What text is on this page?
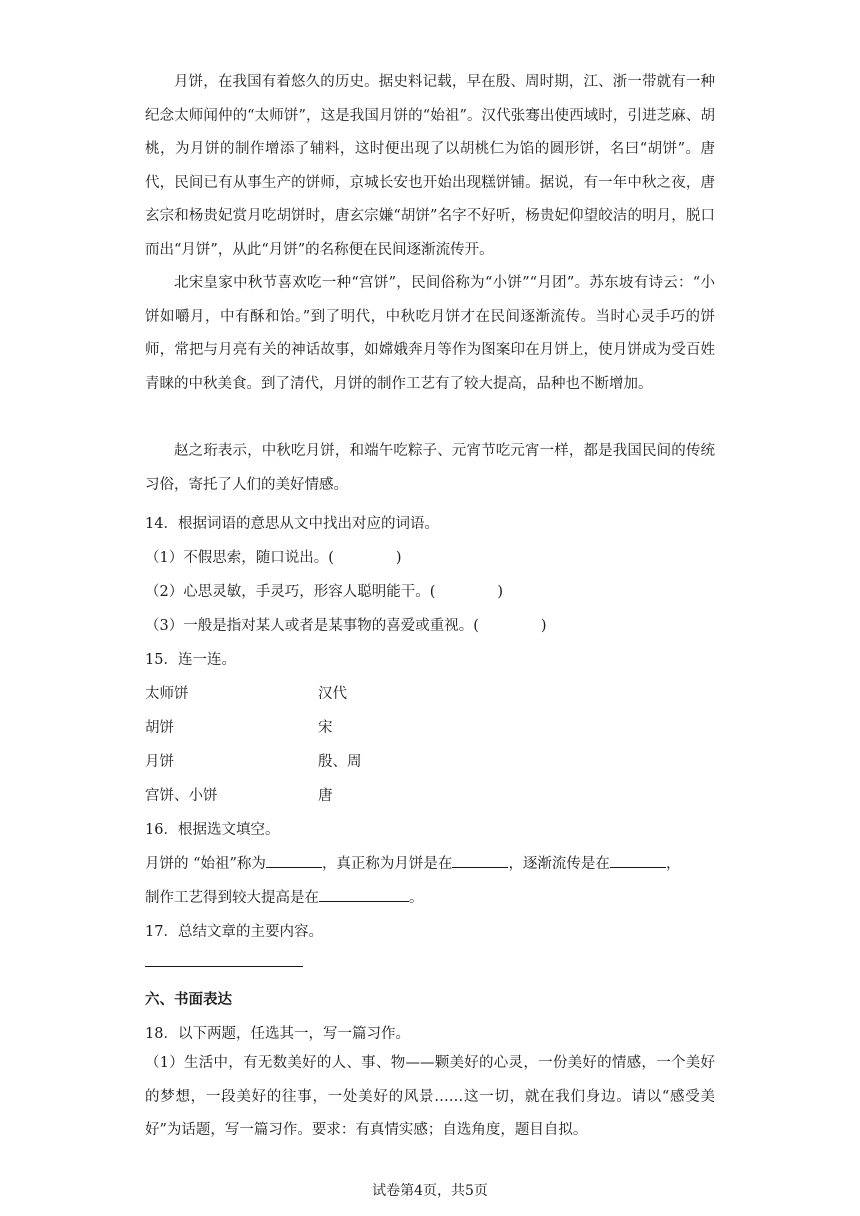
月饼，在我国有着悠久的历史。据史料记载，早在殷、周时期，江、浙一带就有一种纪念太师闻仲的“太师饼”，这是我国月饼的“始祖”。汉代张骞出使西域时，引进芝麻、胡桃，为月饼的制作增添了辅料，这时便出现了以胡桃仁为馅的圆形饼，名曰“胡饼”。唐代，民间已有从事生产的饼师，京城长安也开始出现糕饼铺。据说，有一年中秋之夜，唐玄宗和杨贵妃赏月吃胡饼时，唐玄宗嫌“胡饼”名字不好听，杨贵妃仰望皎洁的明月，脱口而出“月饼”，从此“月饼”的名称便在民间逐渐流传开。

北宋皇家中秋节喜欢吃一种“宫饼”，民间俗称为“小饼”“月团”。苏东坡有诗云：“小饼如嚼月，中有酥和饴。”到了明代，中秋吃月饼才在民间逐渐流传。当时心灵手巧的饼师，常把与月亮有关的神话故事，如嫦娥奔月等作为图案印在月饼上，使月饼成为受百姓青睐的中秋美食。到了清代，月饼的制作工艺有了较大提高，品种也不断增加。

赵之珩表示，中秋吃月饼，和端午吃粽子、元宵节吃元宵一样，都是我国民间的传统习俗，寄托了人们的美好情感。

14．根据词语的意思从文中找出对应的词语。
（1）不假思索，随口说出。(	)
（2）心思灵敏，手灵巧，形容人聪明能干。(	)
（3）一般是指对某人或者是某事物的喜爱或重视。(	)
15．连一连。
太师饼	汉代
胡饼	宋
月饼	殷、周
宫饼、小饼	唐
16．根据选文填空。
月饼的 “始祖”称为	，真正称为月饼是在	，逐渐流传是在	，
制作工艺得到较大提高是在	。
17．总结文章的主要内容。
六、书面表达
18．以下两题，任选其一，写一篇习作。

（1）生活中，有无数美好的人、事、物——颗美好的心灵，一份美好的情感，一个美好的梦想，一段美好的往事，一处美好的风景……这一切，就在我们身边。请以“感受美好”为话题，写一篇习作。要求：有真情实感；自选角度，题目自拟。

试卷第4页，共5页
